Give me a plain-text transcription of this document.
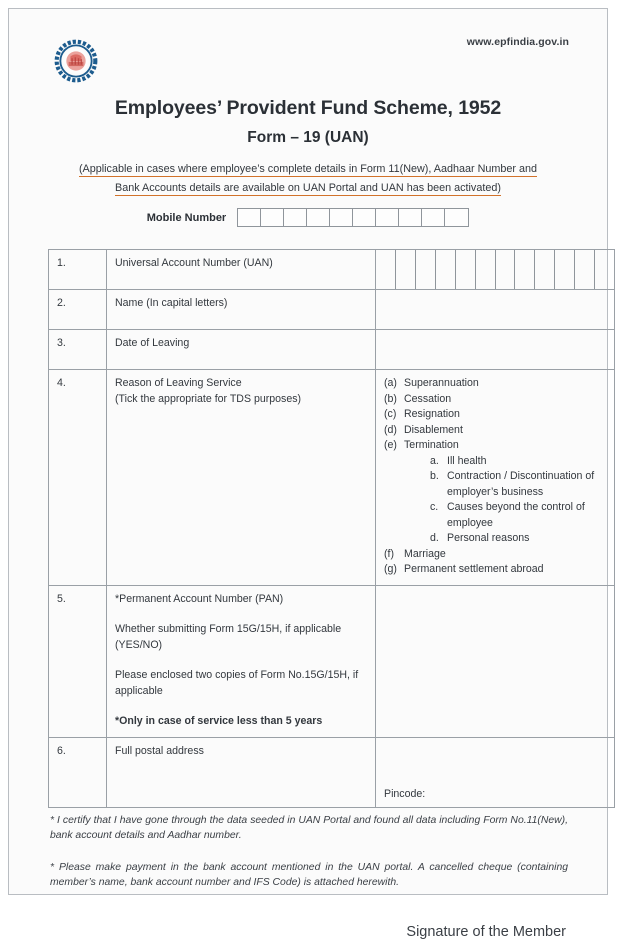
www.epfindia.gov.in
Employees’ Provident Fund Scheme, 1952
Form – 19 (UAN)
(Applicable in cases where employee’s complete details in Form 11(New), Aadhaar Number and
Bank Accounts details are available on UAN Portal and UAN has been activated)
Mobile Number
1.	Universal Account Number (UAN)	

2.	Name (In capital letters)	
3.	Date of Leaving	
4.	Reason of Leaving Service
(Tick the appropriate for TDS purposes)

(a) Superannuation
(b) Cessation
(c) Resignation
(d) Disablement
(e) Termination
a. Ill health
b. Contraction / Discontinuation of employer’s business
c. Causes beyond the control of employee
d. Personal reasons
(f) Marriage
(g) Permanent settlement abroad

5.	*Permanent Account Number (PAN)

Whether submitting Form 15G/15H, if applicable (YES/NO)

Please enclosed two copies of Form No.15G/15H, if applicable

*Only in case of service less than 5 years	

6.	Full postal address	Pincode:
* I certify that I have gone through the data seeded in UAN Portal and found all data including Form No.11(New), bank account details and Aadhar number.
* Please make payment in the bank account mentioned in the UAN portal. A cancelled cheque (containing member’s name, bank account number and IFS Code) is attached herewith.
Signature of the Member
